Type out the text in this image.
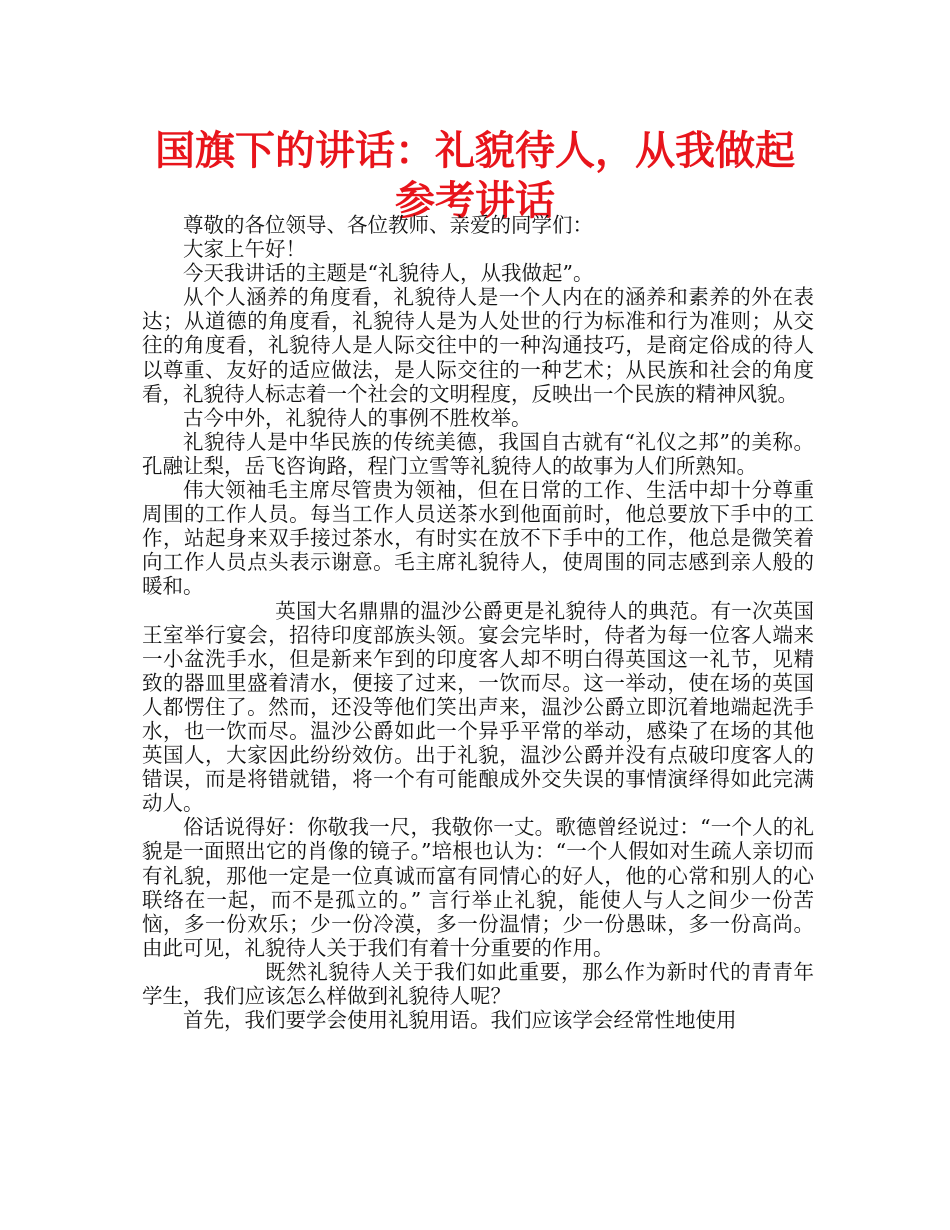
国旗下的讲话：礼貌待人，从我做起参考讲话

尊敬的各位领导、各位教师、亲爱的同学们：

大家上午好！

今天我讲话的主题是“礼貌待人，从我做起”。

从个人涵养的角度看，礼貌待人是一个人内在的涵养和素养的外在表达；从道德的角度看，礼貌待人是为人处世的行为标准和行为准则；从交往的角度看，礼貌待人是人际交往中的一种沟通技巧，是商定俗成的待人以尊重、友好的适应做法，是人际交往的一种艺术；从民族和社会的角度看，礼貌待人标志着一个社会的文明程度，反映出一个民族的精神风貌。

古今中外，礼貌待人的事例不胜枚举。

礼貌待人是中华民族的传统美德，我国自古就有“礼仪之邦”的美称。孔融让梨，岳飞咨询路，程门立雪等礼貌待人的故事为人们所熟知。

伟大领袖毛主席尽管贵为领袖，但在日常的工作、生活中却十分尊重周围的工作人员。每当工作人员送茶水到他面前时，他总要放下手中的工作，站起身来双手接过茶水，有时实在放不下手中的工作，他总是微笑着向工作人员点头表示谢意。毛主席礼貌待人，使周围的同志感到亲人般的暖和。

英国大名鼎鼎的温沙公爵更是礼貌待人的典范。有一次英国王室举行宴会，招待印度部族头领。宴会完毕时，侍者为每一位客人端来一小盆洗手水，但是新来乍到的印度客人却不明白得英国这一礼节，见精致的器皿里盛着清水，便接了过来，一饮而尽。这一举动，使在场的英国人都愣住了。然而，还没等他们笑出声来，温沙公爵立即沉着地端起洗手水，也一饮而尽。温沙公爵如此一个异乎平常的举动，感染了在场的其他英国人，大家因此纷纷效仿。出于礼貌，温沙公爵并没有点破印度客人的错误，而是将错就错，将一个有可能酿成外交失误的事情演绎得如此完满动人。

俗话说得好：你敬我一尺，我敬你一丈。歌德曾经说过：“一个人的礼貌是一面照出它的肖像的镜子。”培根也认为：“一个人假如对生疏人亲切而有礼貌，那他一定是一位真诚而富有同情心的好人，他的心常和别人的心联络在一起，而不是孤立的。” 言行举止礼貌，能使人与人之间少一份苦恼，多一份欢乐；少一份冷漠，多一份温情；少一份愚昧，多一份高尚。由此可见，礼貌待人关于我们有着十分重要的作用。

既然礼貌待人关于我们如此重要，那么作为新时代的青青年学生，我们应该怎么样做到礼貌待人呢？

首先，我们要学会使用礼貌用语。我们应该学会经常性地使用
